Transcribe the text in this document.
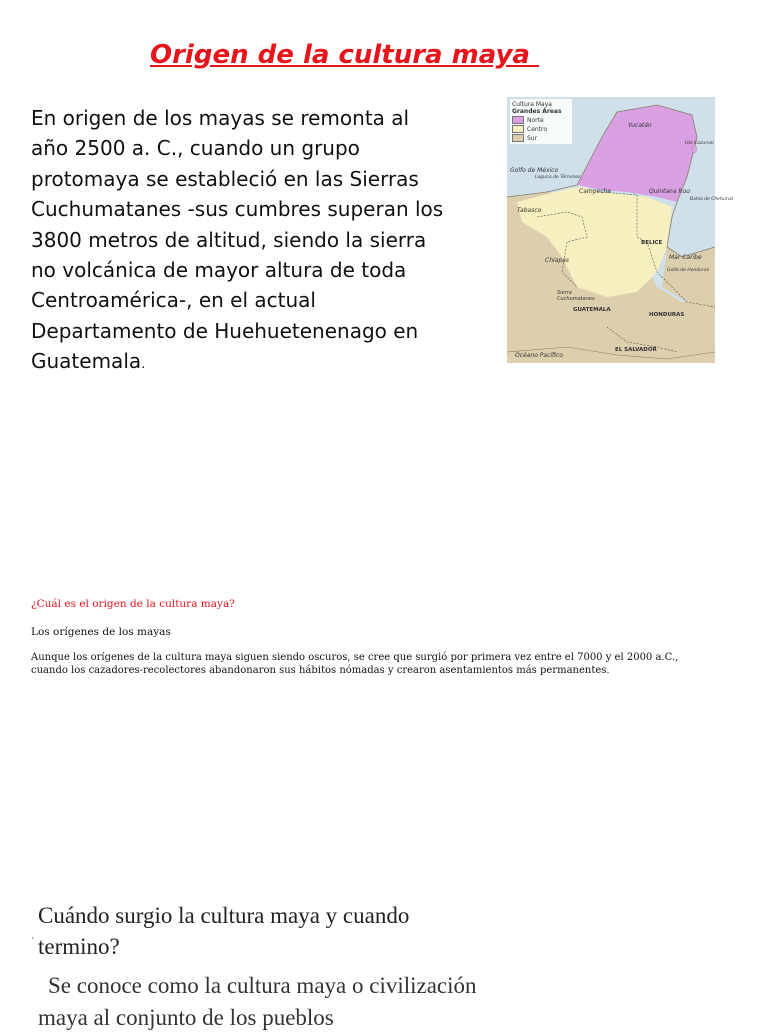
Origen de la cultura maya
En origen de los mayas se remonta al año 2500 a. C., cuando un grupo protomaya se estableció en las Sierras Cuchumatanes -sus cumbres superan los 3800 metros de altitud, siendo la sierra no volcánica de mayor altura de toda Centroamérica-, en el actual Departamento de Huehuetenenago en Guatemala.
Cultura Maya
Grandes Áreas
Norte
Centro
Sur
Yucatán
Isla Cozumel
Golfo de México
Laguna de Términos
Campeche	Quintana Roo
Bahía de Chetumal
Tabasco
BELICE
Mar Caribe
Golfo de Honduras
Chiapas
Sierra Cuchumatanes
GUATEMALA
HONDURAS
EL SALVADOR
Océano Pacífico
¿Cuál es el origen de la cultura maya?
Los orígenes de los mayas
Aunque los orígenes de la cultura maya siguen siendo oscuros, se cree que surgió por primera vez entre el 7000 y el 2000 a.C., cuando los cazadores-recolectores abandonaron sus hábitos nómadas y crearon asentamientos más permanentes.
'
Cuándo surgio la cultura maya y cuando termino?
Se conoce como la cultura maya o civilización maya al conjunto de los pueblos
